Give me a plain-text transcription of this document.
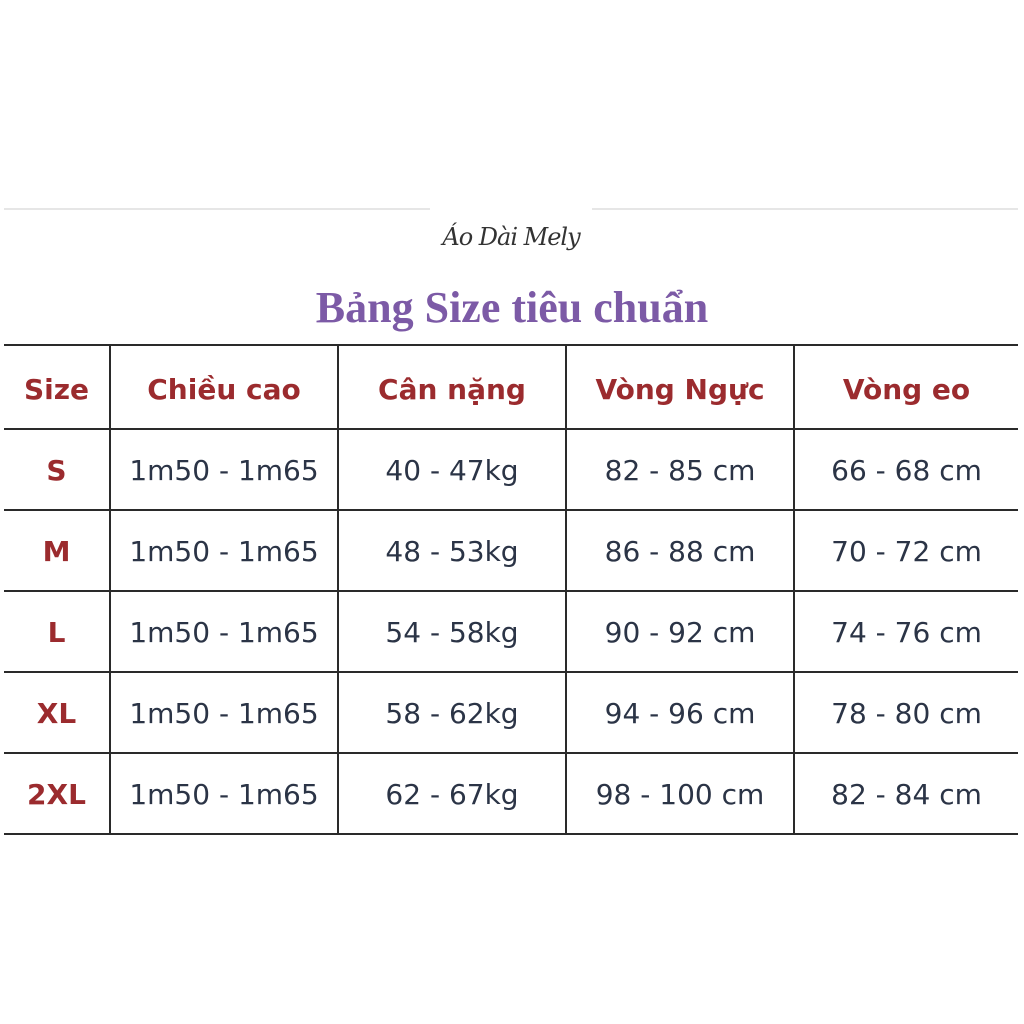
Áo Dài Mely
Bảng Size tiêu chuẩn
Size	Chiều cao	Cân nặng	Vòng Ngực	Vòng eo
S	1m50 - 1m65	40 - 47kg	82 - 85 cm	66 - 68 cm
M	1m50 - 1m65	48 - 53kg	86 - 88 cm	70 - 72 cm
L	1m50 - 1m65	54 - 58kg	90 - 92 cm	74 - 76 cm
XL	1m50 - 1m65	58 - 62kg	94 - 96 cm	78 - 80 cm
2XL	1m50 - 1m65	62 - 67kg	98 - 100 cm	82 - 84 cm
